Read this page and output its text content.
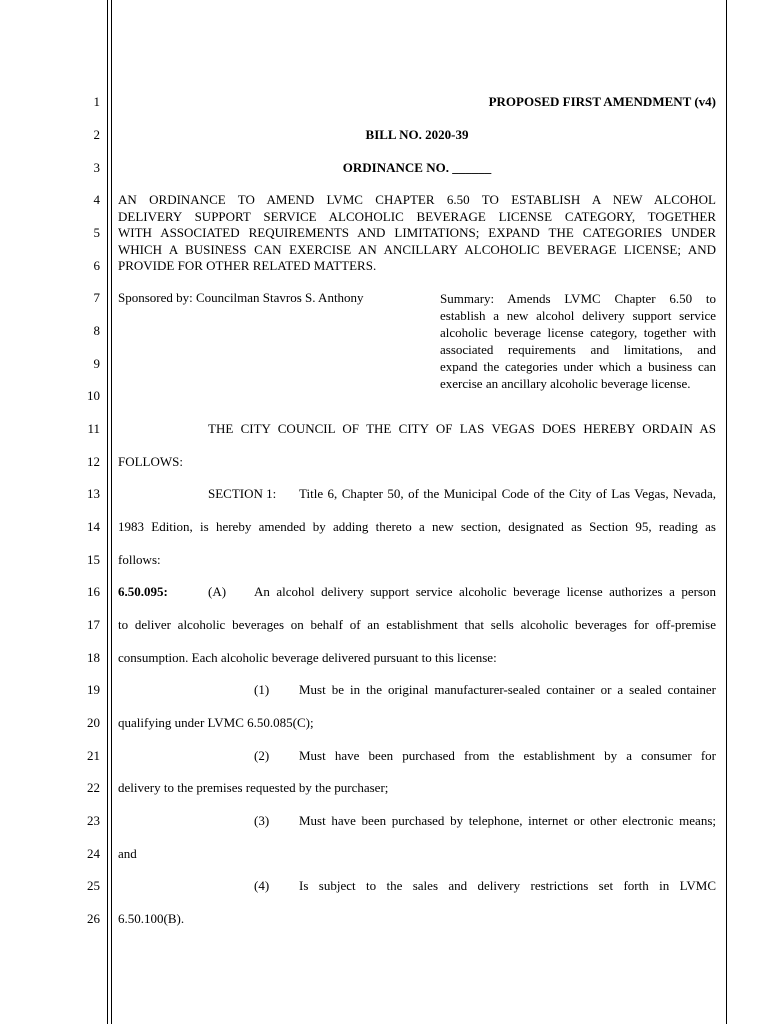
1
2
3
4
5
6
7
8
9
10
11
12
13
14
15
16
17
18
19
20
21
22
23
24
25
26
PROPOSED FIRST AMENDMENT (v4)
BILL NO. 2020-39
ORDINANCE NO. ______
AN ORDINANCE TO AMEND LVMC CHAPTER 6.50 TO ESTABLISH A NEW ALCOHOL
DELIVERY SUPPORT SERVICE ALCOHOLIC BEVERAGE LICENSE CATEGORY, TOGETHER
WITH ASSOCIATED REQUIREMENTS AND LIMITATIONS; EXPAND THE CATEGORIES UNDER
WHICH A BUSINESS CAN EXERCISE AN ANCILLARY ALCOHOLIC BEVERAGE LICENSE; AND
PROVIDE FOR OTHER RELATED MATTERS.
Sponsored by: Councilman Stavros S. Anthony	Summary: Amends LVMC Chapter 6.50 to
establish a new alcohol delivery support service
alcoholic beverage license category, together with
associated requirements and limitations, and
expand the categories under which a business can
exercise an ancillary alcoholic beverage license.
THE CITY COUNCIL OF THE CITY OF LAS VEGAS DOES HEREBY ORDAIN AS
FOLLOWS:
SECTION 1: Title 6, Chapter 50, of the Municipal Code of the City of Las Vegas, Nevada,
1983 Edition, is hereby amended by adding thereto a new section, designated as Section 95, reading as
follows:
6.50.095:	(A) An alcohol delivery support service alcoholic beverage license authorizes a person
to deliver alcoholic beverages on behalf of an establishment that sells alcoholic beverages for off-premise
consumption. Each alcoholic beverage delivered pursuant to this license:
(1) Must be in the original manufacturer-sealed container or a sealed container
qualifying under LVMC 6.50.085(C);
(2) Must have been purchased from the establishment by a consumer for
delivery to the premises requested by the purchaser;
(3) Must have been purchased by telephone, internet or other electronic means;
and
(4) Is subject to the sales and delivery restrictions set forth in LVMC
6.50.100(B).
